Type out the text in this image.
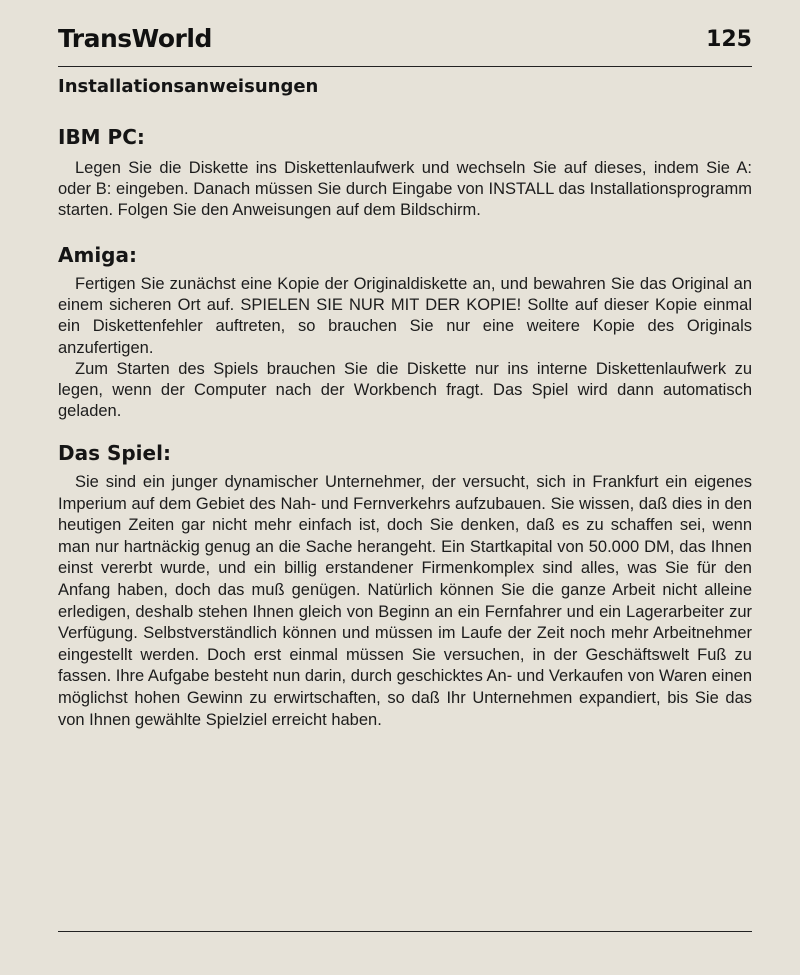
TransWorld	125
Installationsanweisungen
IBM PC:

Legen Sie die Diskette ins Diskettenlaufwerk und wechseln Sie auf dieses, indem Sie A: oder B: eingeben. Danach müssen Sie durch Eingabe von INSTALL das Installationsprogramm starten. Folgen Sie den Anweisungen auf dem Bildschirm.

Amiga:

Fertigen Sie zunächst eine Kopie der Originaldiskette an, und bewahren Sie das Original an einem sicheren Ort auf. SPIELEN SIE NUR MIT DER KOPIE! Sollte auf dieser Kopie einmal ein Diskettenfehler auftreten, so brauchen Sie nur eine weitere Kopie des Originals anzufertigen.

Zum Starten des Spiels brauchen Sie die Diskette nur ins interne Diskettenlaufwerk zu legen, wenn der Computer nach der Workbench fragt. Das Spiel wird dann automatisch geladen.

Das Spiel:

Sie sind ein junger dynamischer Unternehmer, der versucht, sich in Frankfurt ein eigenes Imperium auf dem Gebiet des Nah- und Fernverkehrs aufzubauen. Sie wissen, daß dies in den heutigen Zeiten gar nicht mehr einfach ist, doch Sie denken, daß es zu schaffen sei, wenn man nur hartnäckig genug an die Sache herangeht. Ein Startkapital von 50.000 DM, das Ihnen einst vererbt wurde, und ein billig erstandener Firmenkomplex sind alles, was Sie für den Anfang haben, doch das muß genügen. Natürlich können Sie die ganze Arbeit nicht alleine erledigen, deshalb stehen Ihnen gleich von Beginn an ein Fernfahrer und ein Lagerarbeiter zur Verfügung. Selbstverständlich können und müssen im Laufe der Zeit noch mehr Arbeitnehmer eingestellt werden. Doch erst einmal müssen Sie versuchen, in der Geschäftswelt Fuß zu fassen. Ihre Aufgabe besteht nun darin, durch geschicktes An- und Verkaufen von Waren einen möglichst hohen Gewinn zu erwirtschaften, so daß Ihr Unternehmen expandiert, bis Sie das von Ihnen gewählte Spielziel erreicht haben.
